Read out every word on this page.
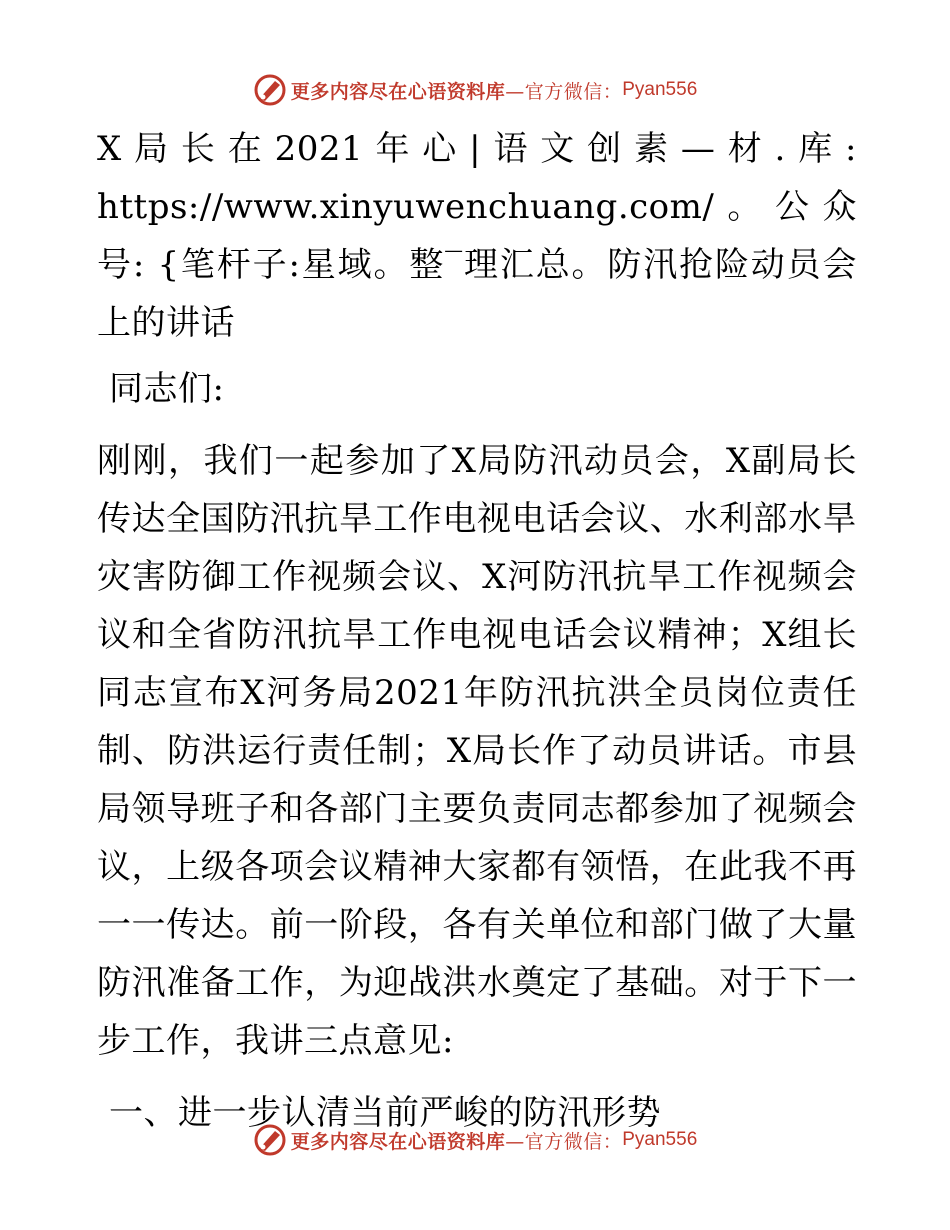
更多内容尽在心语资料库 —官方微信： Pyan556

X局长在2021年心|语文创素—材.库: https://www.xinyuwenchuang.com/。公众号: {笔杆子:星域。整‾理汇总。防汛抢险动员会上的讲话

同志们:

刚刚，我们一起参加了X局防汛动员会，X副局长传达全国防汛抗旱工作电视电话会议、水利部水旱灾害防御工作视频会议、X河防汛抗旱工作视频会议和全省防汛抗旱工作电视电话会议精神；X组长同志宣布X河务局2021年防汛抗洪全员岗位责任制、防洪运行责任制；X局长作了动员讲话。市县局领导班子和各部门主要负责同志都参加了视频会议，上级各项会议精神大家都有领悟，在此我不再一一传达。前一阶段，各有关单位和部门做了大量防汛准备工作，为迎战洪水奠定了基础。对于下一步工作，我讲三点意见:

一、进一步认清当前严峻的防汛形势

更多内容尽在心语资料库 —官方微信： Pyan556
